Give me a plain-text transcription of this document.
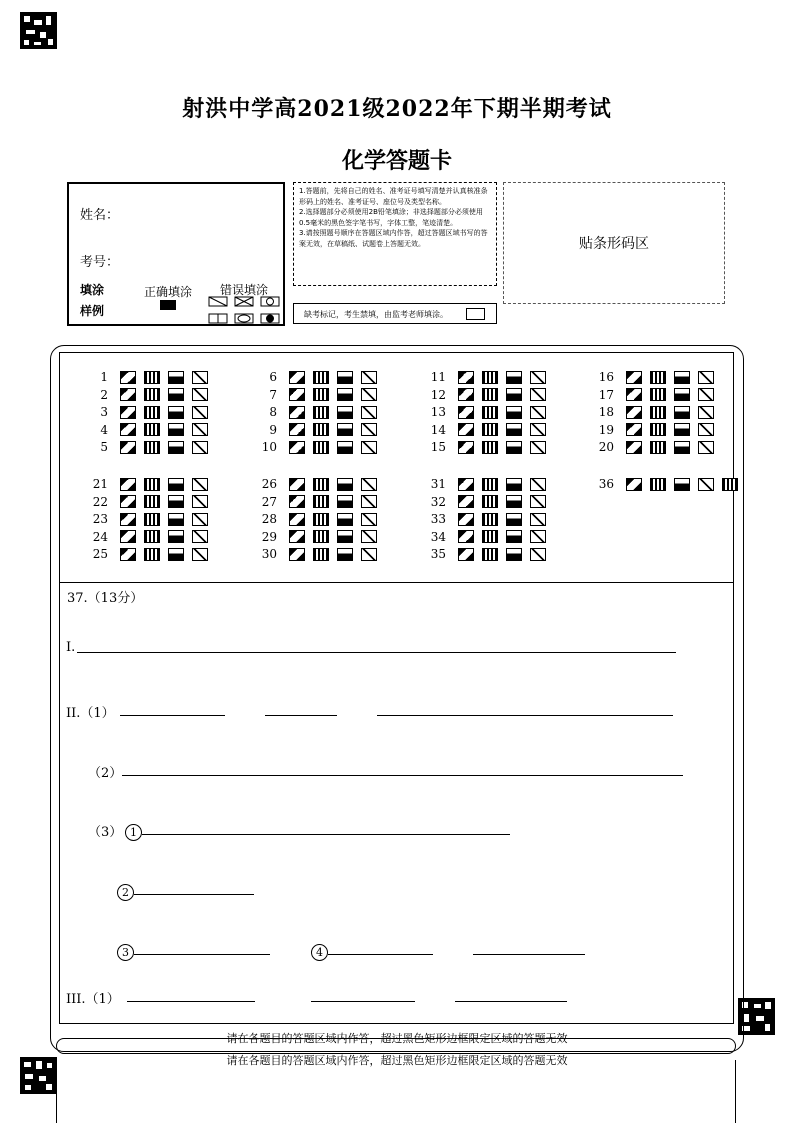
射洪中学高2021级2022年下期半期考试
化学答题卡
姓名：
考号：
填涂
样例
正确填涂 错误填涂
1.答题前，先将自己的姓名、准考证号填写清楚并认真核准条形码上的姓名、准考证号、座位号及类型名称。
2.选择题部分必须使用2B铅笔填涂；非选择题部分必须使用0.5毫米的黑色签字笔书写，字体工整，笔迹清楚。
3.请按照题号顺序在答题区域内作答，超过答题区域书写的答案无效，在草稿纸、试题卷上答题无效。
缺考标记，考生禁填，由监考老师填涂。
贴条形码区
1
2
3
4
5
6
7
8
9
10
11
12
13
14
15
16
17
18
19
20
21
22
23
24
25
26
27
28
29
30
31
32
33
34
35
36
37.（13分）
I.
II.（1）
（2）
（3） 1
2
3	4
III.（1）
请在各题目的答题区域内作答，超过黑色矩形边框限定区域的答题无效
请在各题目的答题区域内作答，超过黑色矩形边框限定区域的答题无效
